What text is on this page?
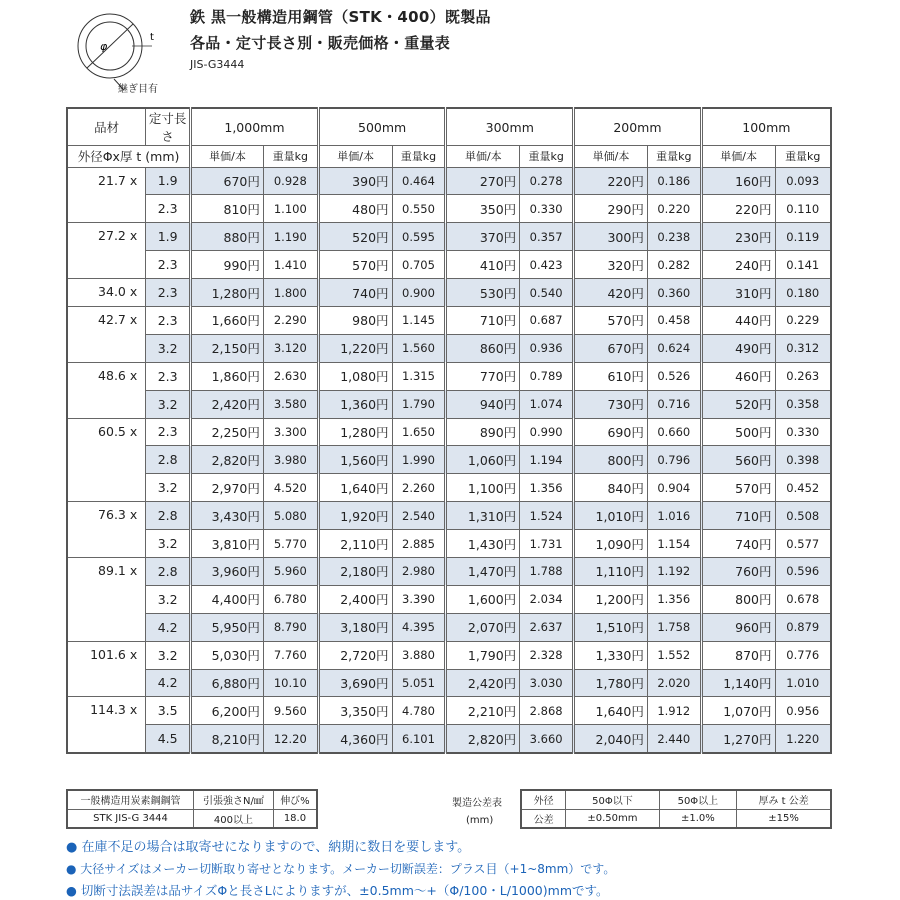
φ
t
継ぎ目有
鉄 黒一般構造用鋼管（STK・400）既製品
各品・定寸長さ別・販売価格・重量表
JIS-G3444
品材	定寸長さ	1,000mm		500mm		300mm		200mm		100mm	
外径Φx厚 t (mm)		単価/本	重量kg	単価/本	重量kg	単価/本	重量kg	単価/本	重量kg	単価/本	重量kg
21.7 x	1.9	670円	0.928	390円	0.464	270円	0.278	220円	0.186	160円	0.093
	2.3	810円	1.100	480円	0.550	350円	0.330	290円	0.220	220円	0.110
27.2 x	1.9	880円	1.190	520円	0.595	370円	0.357	300円	0.238	230円	0.119
	2.3	990円	1.410	570円	0.705	410円	0.423	320円	0.282	240円	0.141
34.0 x	2.3	1,280円	1.800	740円	0.900	530円	0.540	420円	0.360	310円	0.180
42.7 x	2.3	1,660円	2.290	980円	1.145	710円	0.687	570円	0.458	440円	0.229
	3.2	2,150円	3.120	1,220円	1.560	860円	0.936	670円	0.624	490円	0.312
48.6 x	2.3	1,860円	2.630	1,080円	1.315	770円	0.789	610円	0.526	460円	0.263
	3.2	2,420円	3.580	1,360円	1.790	940円	1.074	730円	0.716	520円	0.358
60.5 x	2.3	2,250円	3.300	1,280円	1.650	890円	0.990	690円	0.660	500円	0.330
	2.8	2,820円	3.980	1,560円	1.990	1,060円	1.194	800円	0.796	560円	0.398
	3.2	2,970円	4.520	1,640円	2.260	1,100円	1.356	840円	0.904	570円	0.452
76.3 x	2.8	3,430円	5.080	1,920円	2.540	1,310円	1.524	1,010円	1.016	710円	0.508
	3.2	3,810円	5.770	2,110円	2.885	1,430円	1.731	1,090円	1.154	740円	0.577
89.1 x	2.8	3,960円	5.960	2,180円	2.980	1,470円	1.788	1,110円	1.192	760円	0.596
	3.2	4,400円	6.780	2,400円	3.390	1,600円	2.034	1,200円	1.356	800円	0.678
	4.2	5,950円	8.790	3,180円	4.395	2,070円	2.637	1,510円	1.758	960円	0.879
101.6 x	3.2	5,030円	7.760	2,720円	3.880	1,790円	2.328	1,330円	1.552	870円	0.776
	4.2	6,880円	10.10	3,690円	5.051	2,420円	3.030	1,780円	2.020	1,140円	1.010
114.3 x	3.5	6,200円	9.560	3,350円	4.780	2,210円	2.868	1,640円	1.912	1,070円	0.956
	4.5	8,210円	12.20	4,360円	6.101	2,820円	3.660	2,040円	2.440	1,270円	1.220
一般構造用炭素鋼鋼管	引張強さN/㎟	伸び%
STK JIS-G 3444	400以上	18.0
製造公差表
(mm)
外径	50Φ以下	50Φ以上	厚み t 公差
公差	±0.50mm	±1.0%	±15%
● 在庫不足の場合は取寄せになりますので、納期に数日を要します。
● 大径サイズはメーカー切断取り寄せとなります。メーカー切断誤差：プラス目（+1~8mm）です。
● 切断寸法誤差は品サイズΦと長さLによりますが、±0.5mm～+（Φ/100・L/1000)mmです。
